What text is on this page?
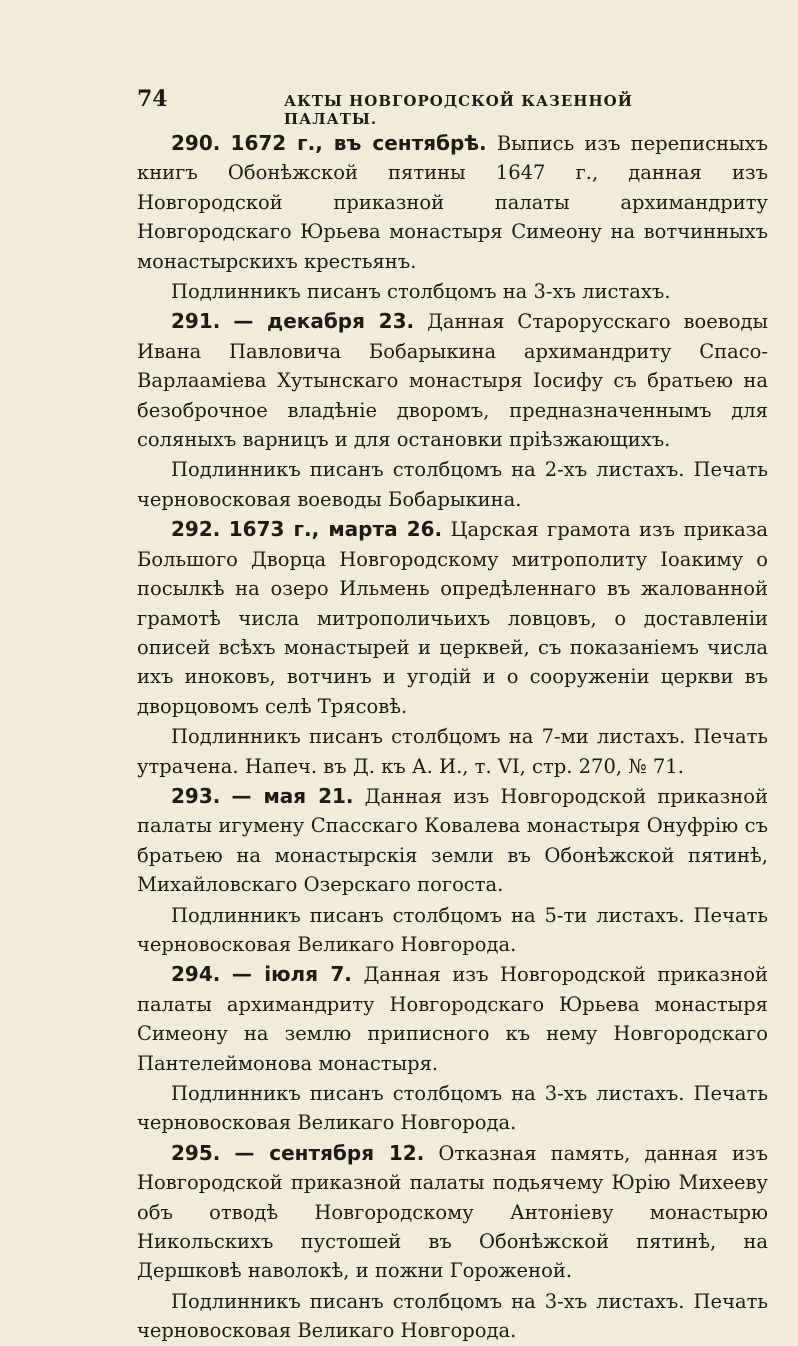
74	АКТЫ НОВГОРОДСКОЙ КАЗЕННОЙ ПАЛАТЫ.

290. 1672 г., въ сентябрѣ. Выпись изъ переписныхъ книгъ Обонѣжской пятины 1647 г., данная изъ Новгородской приказной палаты архимандриту Новгородскаго Юрьева монастыря Симеону на вотчинныхъ монастырскихъ крестьянъ.

Подлинникъ писанъ столбцомъ на 3-хъ листахъ.

291. — декабря 23. Данная Старорусскаго воеводы Ивана Павловича Бобарыкина архимандриту Спасо-Варлааміева Хутынскаго монастыря Іосифу съ братьею на безоброчное владѣніе дворомъ, предназначеннымъ для соляныхъ варницъ и для остановки пріѣзжающихъ.

Подлинникъ писанъ столбцомъ на 2-хъ листахъ. Печать черновосковая воеводы Бобарыкина.

292. 1673 г., марта 26. Царская грамота изъ приказа Большого Дворца Новгородскому митрополиту Іоакиму о посылкѣ на озеро Ильмень опредѣленнаго въ жалованной грамотѣ числа митрополичьихъ ловцовъ, о доставленіи описей всѣхъ монастырей и церквей, съ показаніемъ числа ихъ иноковъ, вотчинъ и угодій и о сооруженіи церкви въ дворцовомъ селѣ Трясовѣ.

Подлинникъ писанъ столбцомъ на 7-ми листахъ. Печать утрачена. Напеч. въ Д. къ А. И., т. VI, стр. 270, № 71.

293. — мая 21. Данная изъ Новгородской приказной палаты игумену Спасскаго Ковалева монастыря Онуфрію съ братьею на монастырскія земли въ Обонѣжской пятинѣ, Михайловскаго Озерскаго погоста.

Подлинникъ писанъ столбцомъ на 5-ти листахъ. Печать черновосковая Великаго Новгорода.

294. — іюля 7. Данная изъ Новгородской приказной палаты архимандриту Новгородскаго Юрьева монастыря Симеону на землю приписного къ нему Новгородскаго Пантелеймонова монастыря.

Подлинникъ писанъ столбцомъ на 3-хъ листахъ. Печать черновосковая Великаго Новгорода.

295. — сентября 12. Отказная память, данная изъ Новгородской приказной палаты подьячему Юрію Михееву объ отводѣ Новгородскому Антоніеву монастырю Никольскихъ пустошей въ Обонѣжской пятинѣ, на Дершковѣ наволокѣ, и пожни Гороженой.

Подлинникъ писанъ столбцомъ на 3-хъ листахъ. Печать черновосковая Великаго Новгорода.
